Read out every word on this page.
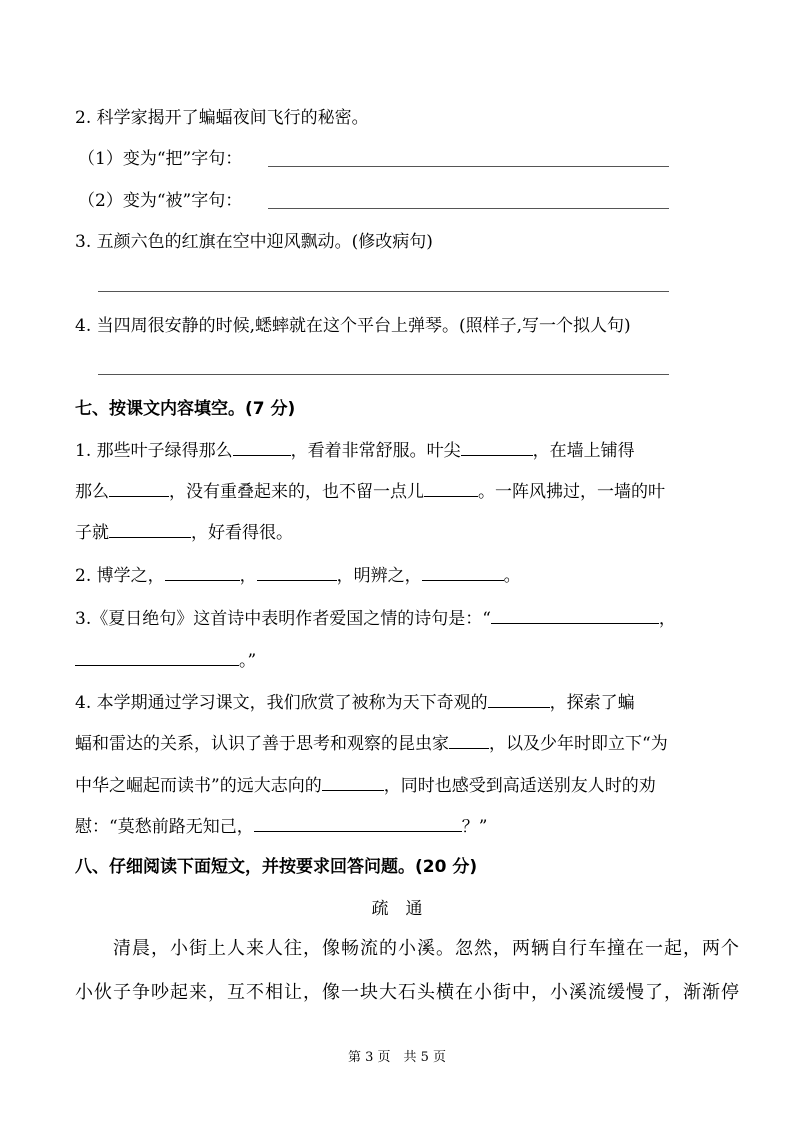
2. 科学家揭开了蝙蝠夜间飞行的秘密。
（1）变为“把”字句：
（2）变为“被”字句：
3. 五颜六色的红旗在空中迎风飘动。(修改病句)
4. 当四周很安静的时候,蟋蟀就在这个平台上弹琴。(照样子,写一个拟人句)
七、按课文内容填空。(7 分)
1. 那些叶子绿得那么	，看着非常舒服。叶尖	，在墙上铺得
那么	，没有重叠起来的，也不留一点儿	。一阵风拂过，一墙的叶
子就	，好看得很。
2. 博学之，	，	，明辨之，	。
3.《夏日绝句》这首诗中表明作者爱国之情的诗句是：“	，
。”
4. 本学期通过学习课文，我们欣赏了被称为天下奇观的	，探索了蝙
蝠和雷达的关系，认识了善于思考和观察的昆虫家 ，以及少年时即立下“为
中华之崛起而读书”的远大志向的	，同时也感受到高适送别友人时的劝
慰：“莫愁前路无知己，	？”
八、仔细阅读下面短文，并按要求回答问题。(20 分)
疏　通
　　清晨，小街上人来人往，像畅流的小溪。忽然，两辆自行车撞在一起，两个
小伙子争吵起来，互不相让，像一块大石头横在小街中，小溪流缓慢了，渐渐停
第 3 页　共 5 页
